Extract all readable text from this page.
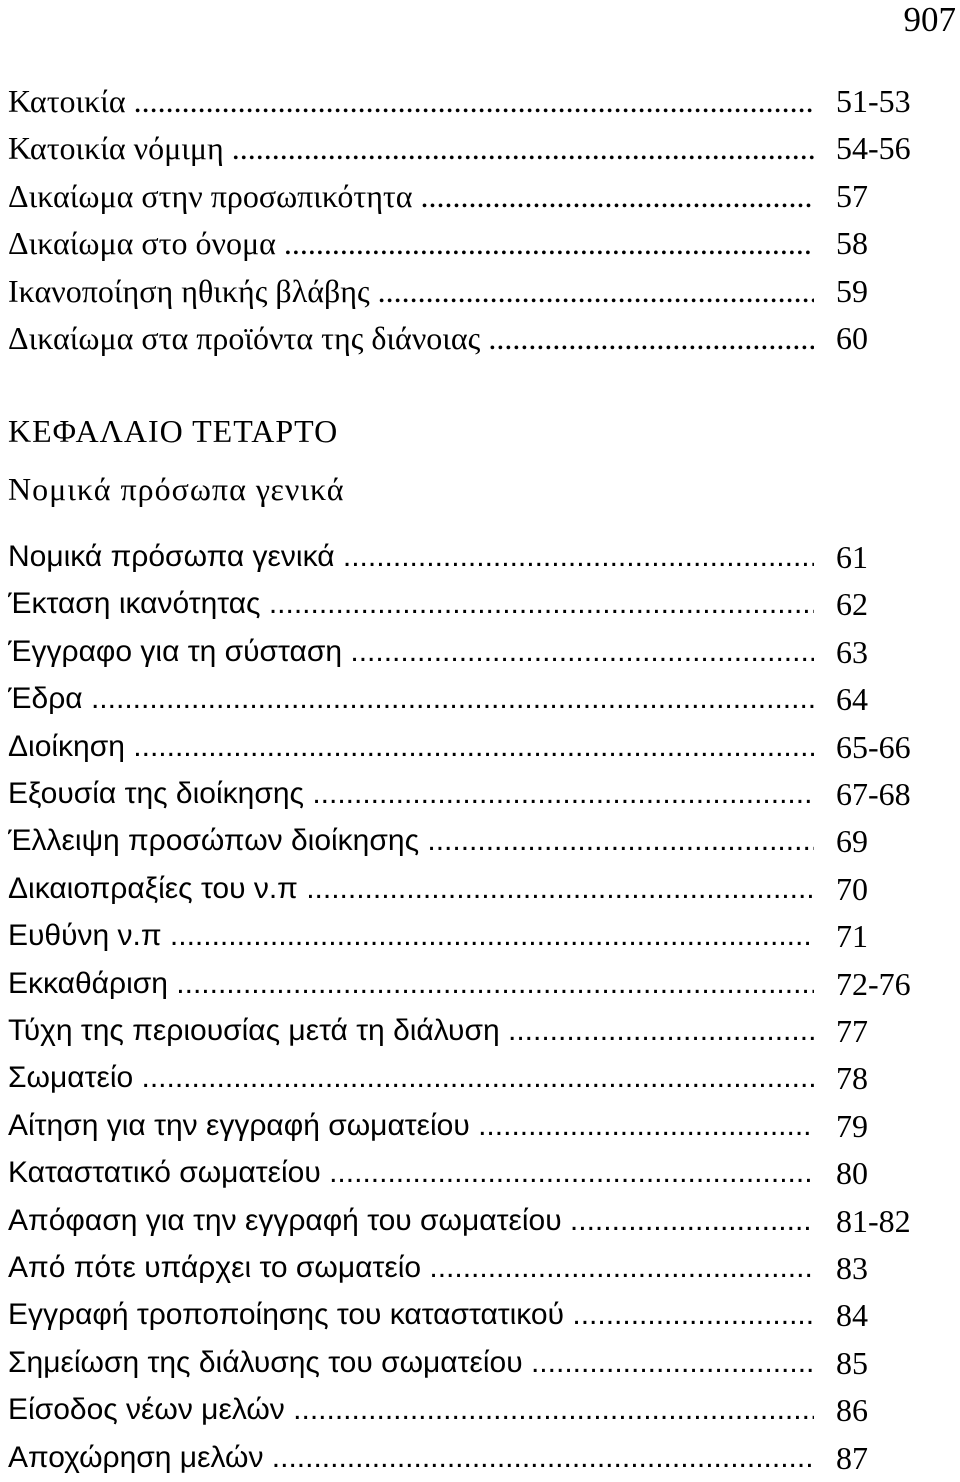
907
Κατοικία .....	51-53
Κατοικία νόμιμη .....	54-56
Δικαίωμα στην προσωπικότητα .....	57
Δικαίωμα στο όνομα .....	58
Ικανοποίηση ηθικής βλάβης .....	59
Δικαίωμα στα προϊόντα της διάνοιας .....	60
Νομικά πρόσωπα γενικά .....	61
Έκταση ικανότητας .....	62
Έγγραφο για τη σύσταση .....	63
Έδρα .....	64
Διοίκηση .....	65-66
Εξουσία της διοίκησης .....	67-68
Έλλειψη προσώπων διοίκησης .....	69
Δικαιοπραξίες του ν.π .....	70
Ευθύνη ν.π .....	71
Εκκαθάριση .....	72-76
Τύχη της περιουσίας μετά τη διάλυση .....	77
Σωματείο .....	78
Αίτηση για την εγγραφή σωματείου .....	79
Καταστατικό σωματείου .....	80
Απόφαση για την εγγραφή του σωματείου .....	81-82
Από πότε υπάρχει το σωματείο .....	83
Εγγραφή τροποποίησης του καταστατικού .....	84
Σημείωση της διάλυσης του σωματείου .....	85
Είσοδος νέων μελών .....	86
Αποχώρηση μελών .....	87
ΚΕΦΑΛΑΙΟ ΤΕΤΑΡΤΟ
Νομικά πρόσωπα γενικά
